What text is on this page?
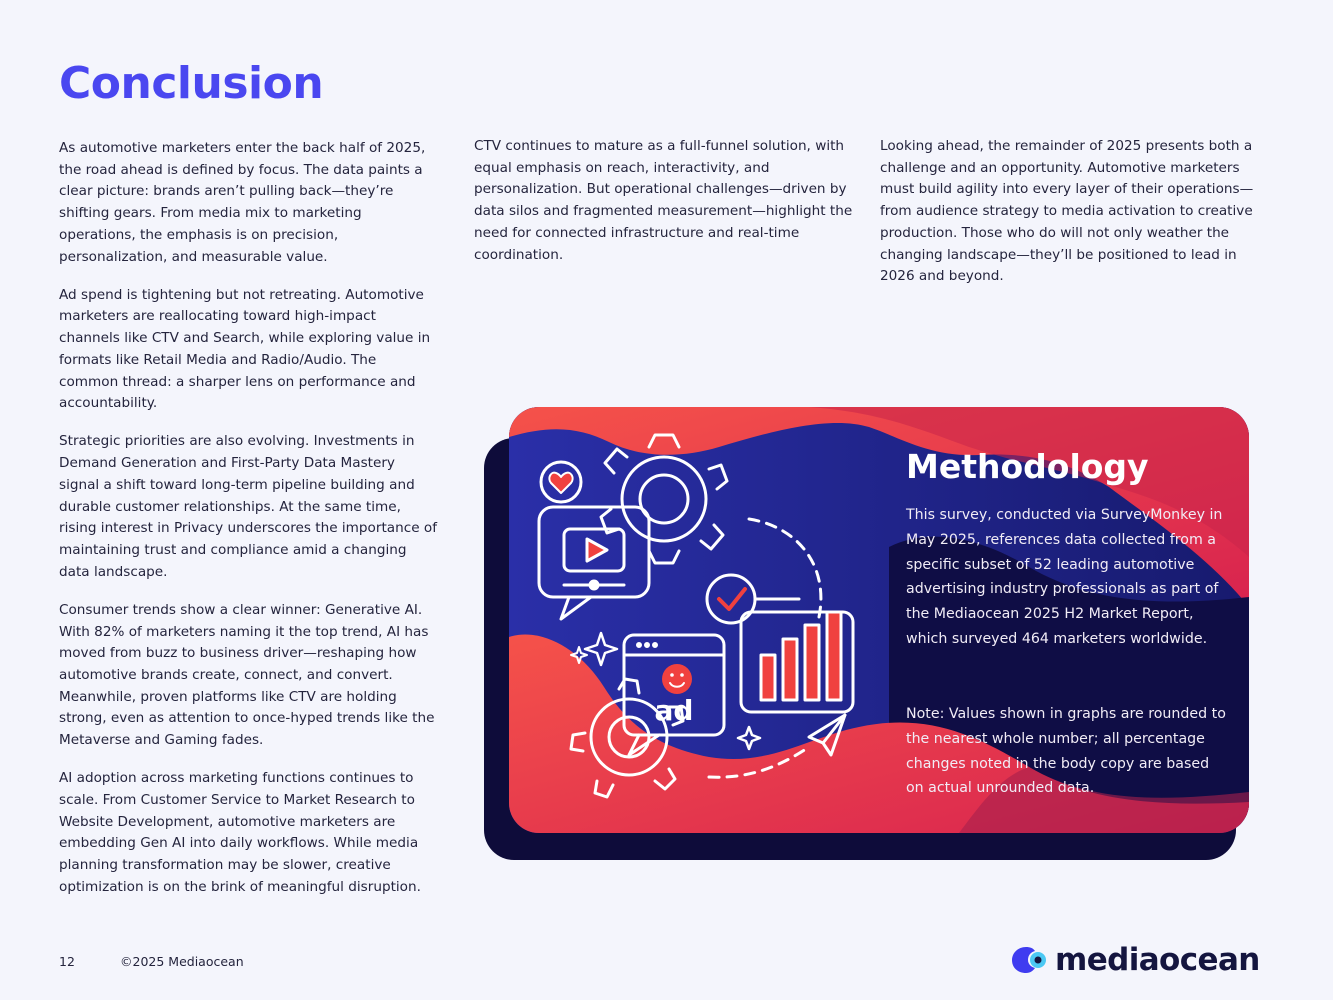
Conclusion

As automotive marketers enter the back half of 2025, the road ahead is defined by focus. The data paints a clear picture: brands aren’t pulling back—they’re shifting gears. From media mix to marketing operations, the emphasis is on precision, personalization, and measurable value.

Ad spend is tightening but not retreating. Automotive marketers are reallocating toward high-impact channels like CTV and Search, while exploring value in formats like Retail Media and Radio/Audio. The common thread: a sharper lens on performance and accountability.

Strategic priorities are also evolving. Investments in Demand Generation and First-Party Data Mastery signal a shift toward long-term pipeline building and durable customer relationships. At the same time, rising interest in Privacy underscores the importance of maintaining trust and compliance amid a changing data landscape.

Consumer trends show a clear winner: Generative AI. With 82% of marketers naming it the top trend, AI has moved from buzz to business driver—reshaping how automotive brands create, connect, and convert. Meanwhile, proven platforms like CTV are holding strong, even as attention to once-hyped trends like the Metaverse and Gaming fades.

AI adoption across marketing functions continues to scale. From Customer Service to Market Research to Website Development, automotive marketers are embedding Gen AI into daily workflows. While media planning transformation may be slower, creative optimization is on the brink of meaningful disruption.

CTV continues to mature as a full-funnel solution, with equal emphasis on reach, interactivity, and personalization. But operational challenges—driven by data silos and fragmented measurement—highlight the need for connected infrastructure and real-time coordination.

Looking ahead, the remainder of 2025 presents both a challenge and an opportunity. Automotive marketers must build agility into every layer of their operations—from audience strategy to media activation to creative production. Those who do will not only weather the changing landscape—they’ll be positioned to lead in 2026 and beyond.

ad
Methodology

This survey, conducted via SurveyMonkey in May 2025, references data collected from a specific subset of 52 leading automotive advertising industry professionals as part of the Mediaocean 2025 H2 Market Report, which surveyed 464 marketers worldwide.

Note: Values shown in graphs are rounded to the nearest whole number; all percentage changes noted in the body copy are based on actual unrounded data.

12	©2025 Mediaocean	mediaocean
